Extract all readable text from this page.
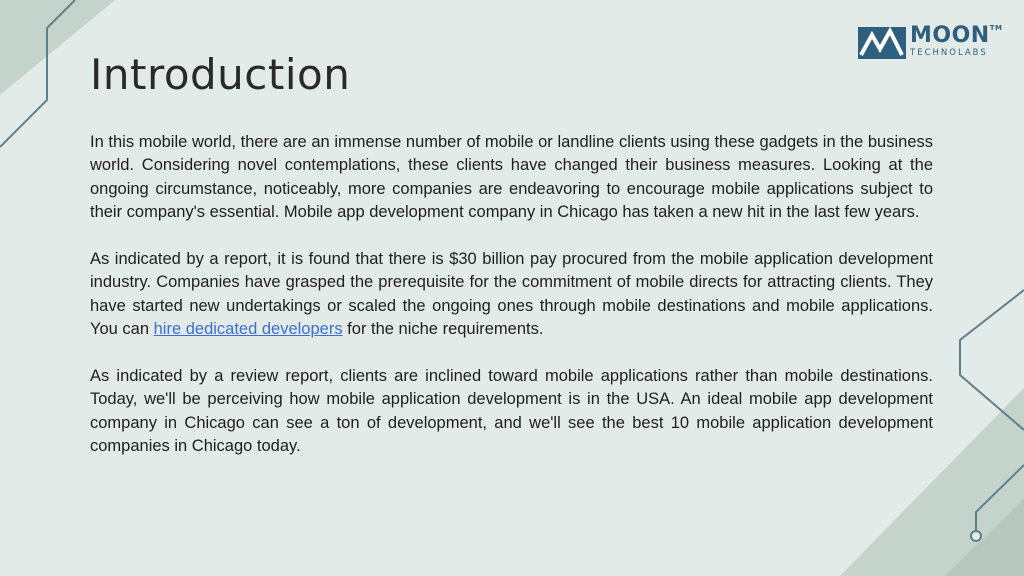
MOON™
TECHNOLABS
Introduction

In this mobile world, there are an immense number of mobile or landline clients using these gadgets in the business world. Considering novel contemplations, these clients have changed their business measures. Looking at the ongoing circumstance, noticeably, more companies are endeavoring to encourage mobile applications subject to their company's essential. Mobile app development company in Chicago has taken a new hit in the last few years.

As indicated by a report, it is found that there is $30 billion pay procured from the mobile application development industry. Companies have grasped the prerequisite for the commitment of mobile directs for attracting clients. They have started new undertakings or scaled the ongoing ones through mobile destinations and mobile applications. You can hire dedicated developers for the niche requirements.

As indicated by a review report, clients are inclined toward mobile applications rather than mobile destinations. Today, we'll be perceiving how mobile application development is in the USA. An ideal mobile app development company in Chicago can see a ton of development, and we'll see the best 10 mobile application development companies in Chicago today.
